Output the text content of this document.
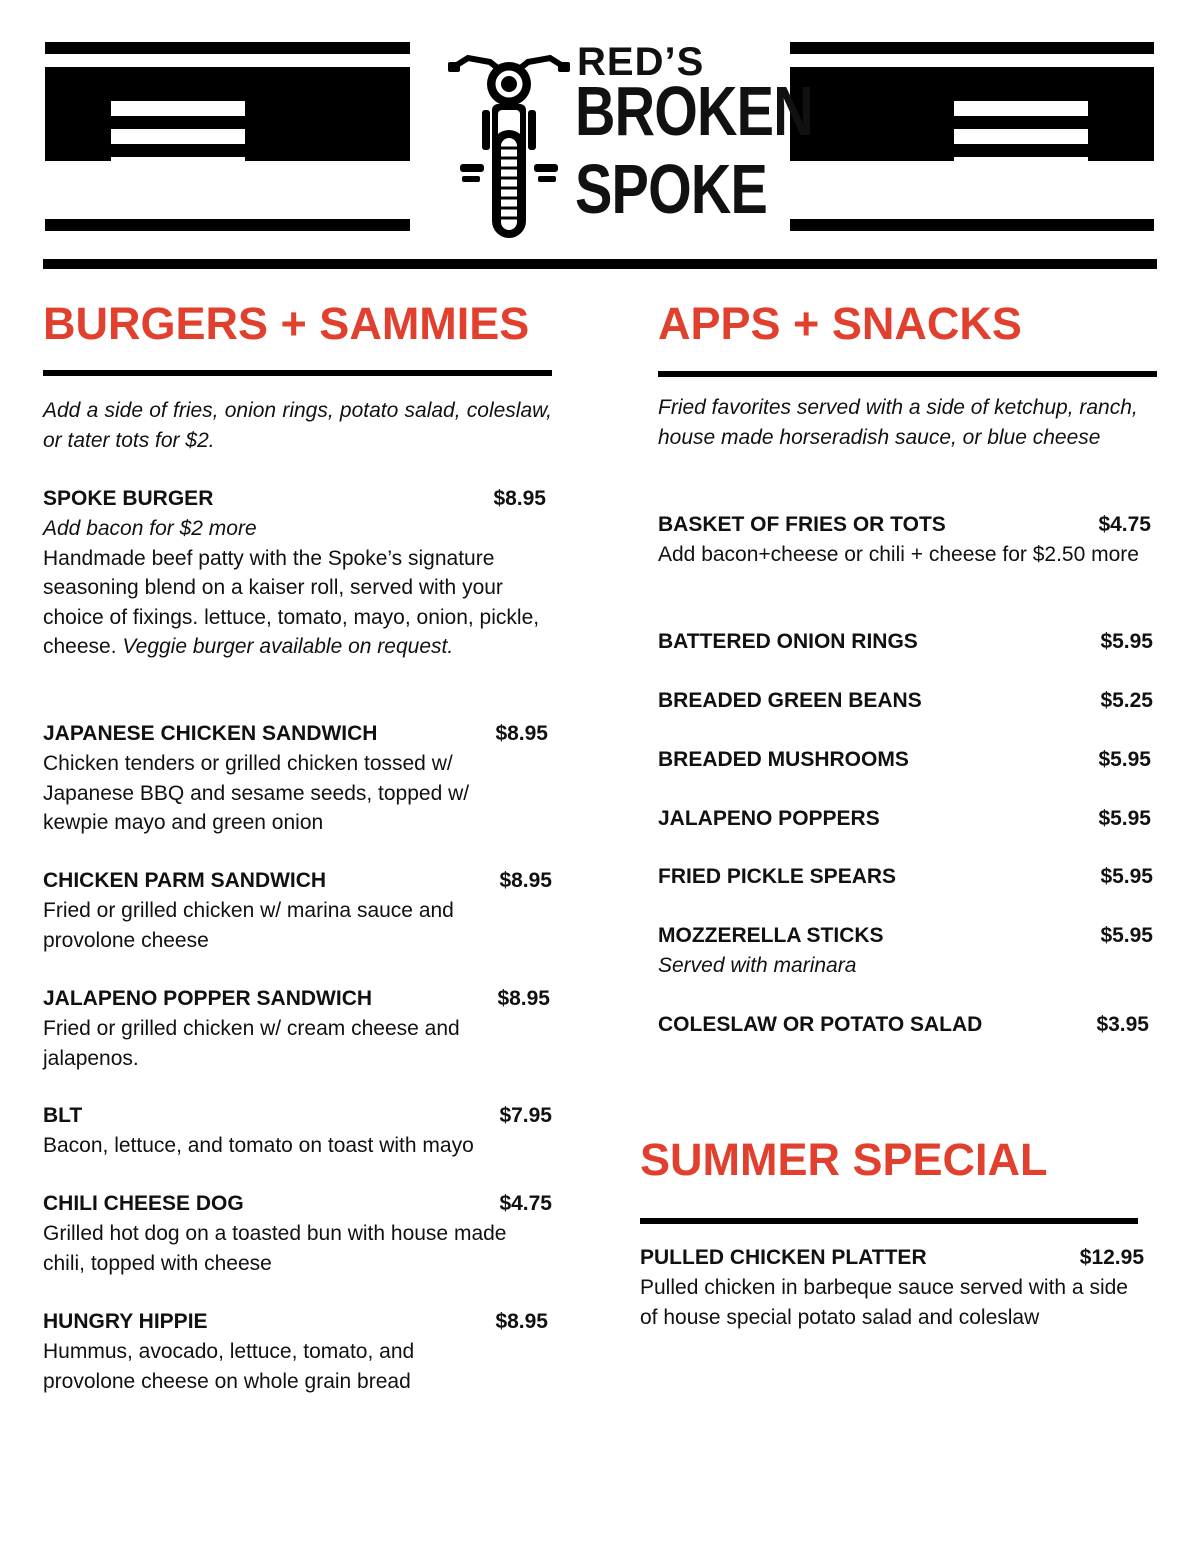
RED’S
BROKEN
SPOKE
BURGERS + SAMMIES
Add a side of fries, onion rings, potato salad, coleslaw, or tater tots for $2.
SPOKE BURGER	$8.95
Add bacon for $2 more
Handmade beef patty with the Spoke’s signature seasoning blend on a kaiser roll, served with your choice of fixings. lettuce, tomato, mayo, onion, pickle, cheese. Veggie burger available on request.
JAPANESE CHICKEN SANDWICH	$8.95
Chicken tenders or grilled chicken tossed w/ Japanese BBQ and sesame seeds, topped w/ kewpie mayo and green onion
CHICKEN PARM SANDWICH	$8.95
Fried or grilled chicken w/ marina sauce and provolone cheese
JALAPENO POPPER SANDWICH	$8.95
Fried or grilled chicken w/ cream cheese and jalapenos.
BLT	$7.95
Bacon, lettuce, and tomato on toast with mayo
CHILI CHEESE DOG	$4.75
Grilled hot dog on a toasted bun with house made chili, topped with cheese
HUNGRY HIPPIE	$8.95
Hummus, avocado, lettuce, tomato, and provolone cheese on whole grain bread
APPS + SNACKS
Fried favorites served with a side of ketchup, ranch, house made horseradish sauce, or blue cheese
BASKET OF FRIES OR TOTS	$4.75
Add bacon+cheese or chili + cheese for $2.50 more
BATTERED ONION RINGS	$5.95
BREADED GREEN BEANS	$5.25
BREADED MUSHROOMS	$5.95
JALAPENO POPPERS	$5.95
FRIED PICKLE SPEARS	$5.95
MOZZERELLA STICKS	$5.95
Served with marinara
COLESLAW OR POTATO SALAD	$3.95
SUMMER SPECIAL
PULLED CHICKEN PLATTER	$12.95
Pulled chicken in barbeque sauce served with a side of house special potato salad and coleslaw
